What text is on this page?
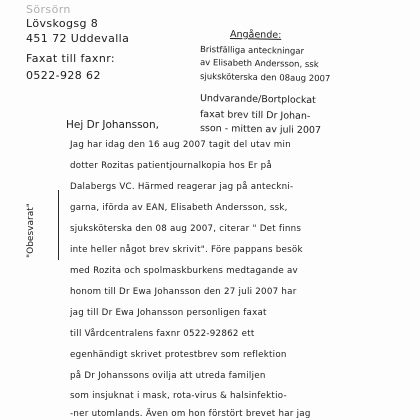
Sörsörn
Lövskogsg 8
451 72 Uddevalla
Faxat till faxnr:
0522-928 62
Angående:
Bristfälliga anteckningar
av Elisabeth Andersson, ssk
sjuksköterska den 08aug 2007
Undvarande/Bortplockat
faxat brev till Dr Johan-
sson - mitten av juli 2007
"Obesvarat"
Hej Dr Johansson,
Jag har idag den 16 aug 2007 tagit del utav min
dotter Rozitas patientjournalkopia hos Er på
Dalabergs VC. Härmed reagerar jag på anteckni-
garna, iförda av EAN, Elisabeth Andersson, ssk,
sjuksköterska den 08 aug 2007, citerar " Det finns
inte heller något brev skrivit". Före pappans besök
med Rozita och spolmaskburkens medtagande av
honom till Dr Ewa Johansson den 27 juli 2007 har
jag till Dr Ewa Johansson personligen faxat
till Vårdcentralens faxnr 0522-92862 ett
egenhändigt skrivet protestbrev som reflektion
på Dr Johanssons ovilja att utreda familjen
som insjuknat i mask, rota-virus & halsinfektio-
-ner utomlands. Även om hon förstört brevet har jag
